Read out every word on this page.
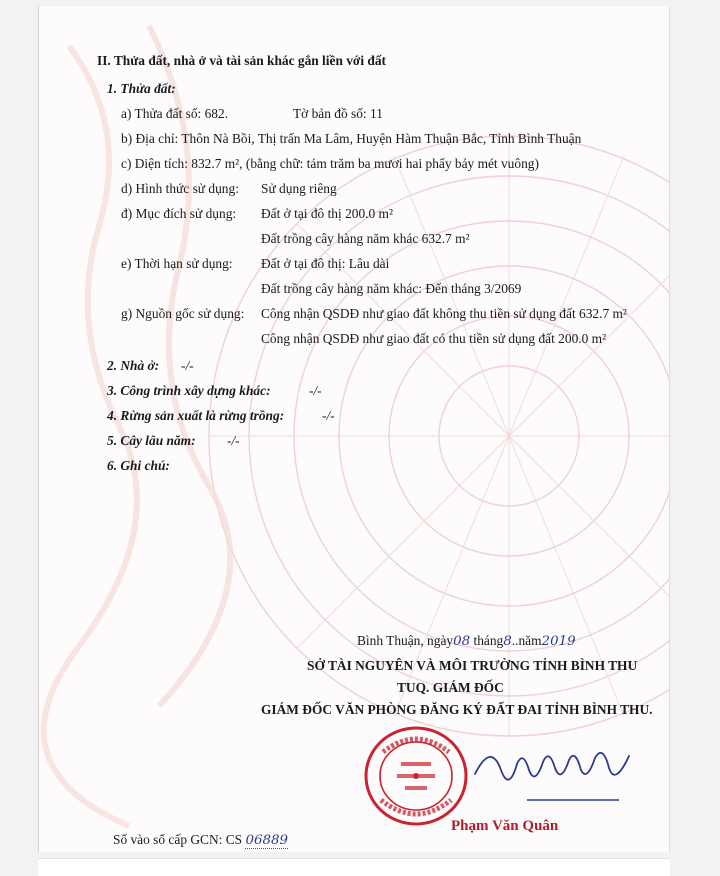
II. Thửa đất, nhà ở và tài sản khác gắn liền với đất
1. Thửa đất:
a) Thửa đất số: 682.	Tờ bản đồ số: 11
b) Địa chỉ: Thôn Nà Bồi, Thị trấn Ma Lâm, Huyện Hàm Thuận Bắc, Tỉnh Bình Thuận
c) Diện tích: 832.7 m², (bằng chữ: tám trăm ba mươi hai phẩy bảy mét vuông)
d) Hình thức sử dụng: Sử dụng riêng
đ) Mục đích sử dụng: Đất ở tại đô thị 200.0 m²
Đất trồng cây hàng năm khác 632.7 m²
e) Thời hạn sử dụng: Đất ở tại đô thị: Lâu dài
Đất trồng cây hàng năm khác: Đến tháng 3/2069
g) Nguồn gốc sử dụng: Công nhận QSDĐ như giao đất không thu tiền sử dụng đất 632.7 m²
Công nhận QSDĐ như giao đất có thu tiền sử dụng đất 200.0 m²
2. Nhà ở: -/-
3. Công trình xây dựng khác:	-/-
4. Rừng sản xuất là rừng trồng:	-/-
5. Cây lâu năm: -/-
6. Ghi chú:
Bình Thuận, ngày08 tháng8..năm2019
SỞ TÀI NGUYÊN VÀ MÔI TRƯỜNG TỈNH BÌNH THU
TUQ. GIÁM ĐỐC
GIÁM ĐỐC VĂN PHÒNG ĐĂNG KÝ ĐẤT ĐAI TỈNH BÌNH THU.
Phạm Văn Quân
Số vào sổ cấp GCN: CS 06889
